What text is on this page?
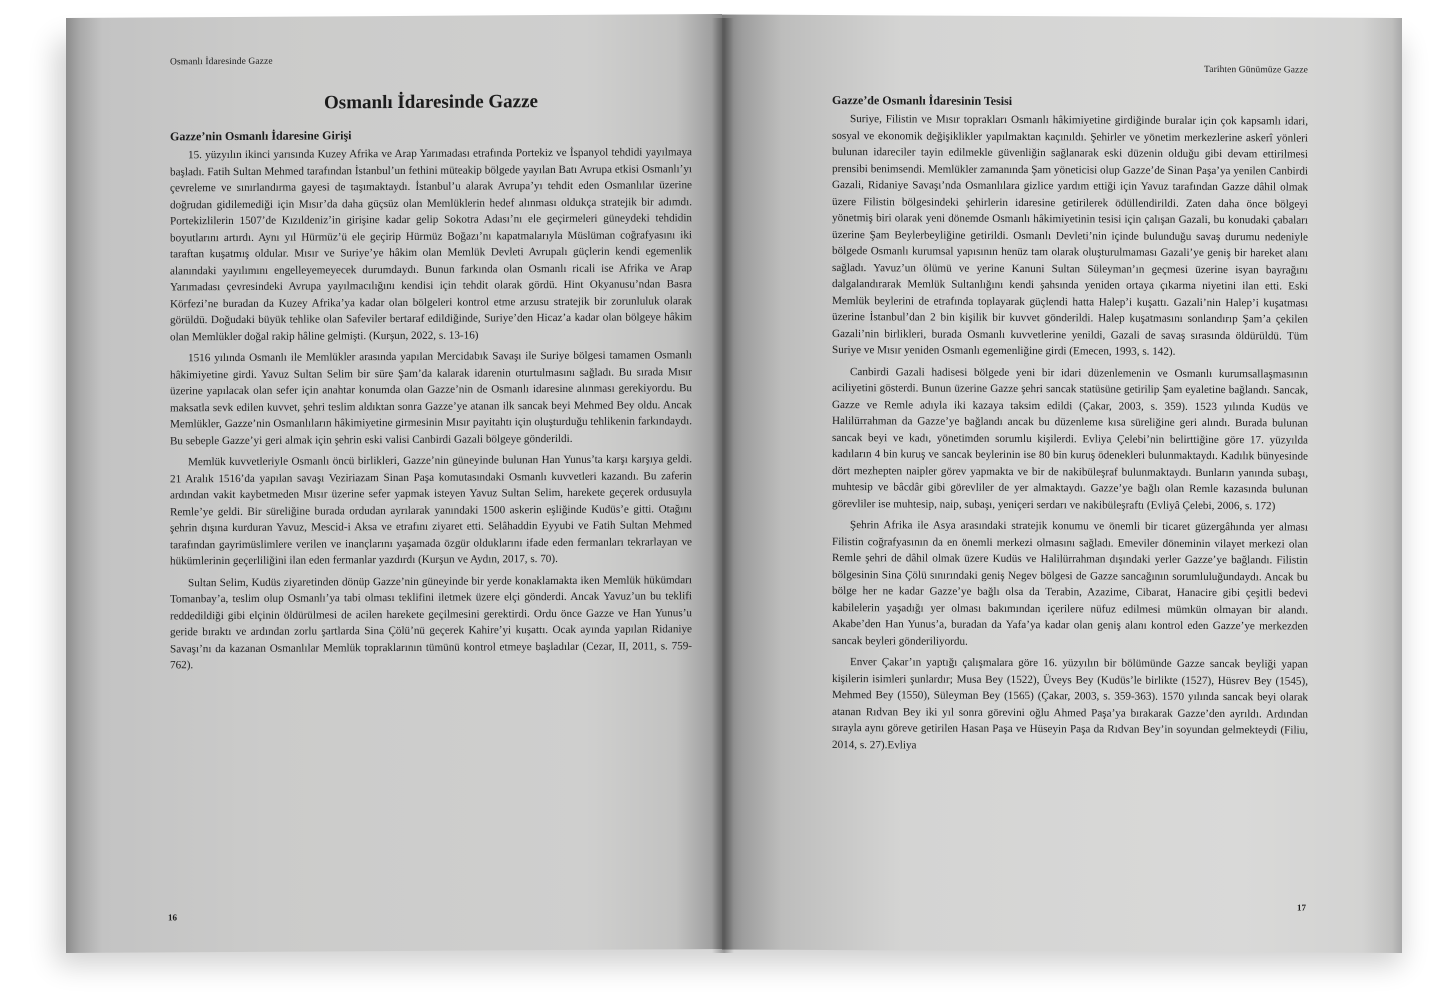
Osmanlı İdaresinde Gazze
Osmanlı İdaresinde Gazze
Gazze’nin Osmanlı İdaresine Girişi

15. yüzyılın ikinci yarısında Kuzey Afrika ve Arap Yarımadası etrafında Portekiz ve İspanyol tehdidi yayılmaya başladı. Fatih Sultan Mehmed tarafından İstanbul’un fethini müteakip bölgede yayılan Batı Avrupa etkisi Osmanlı’yı çevreleme ve sınırlandırma gayesi de taşımaktaydı. İstanbul’u alarak Avrupa’yı tehdit eden Osmanlılar üzerine doğrudan gidilemediği için Mısır’da daha güçsüz olan Memlüklerin hedef alınması oldukça stratejik bir adımdı. Portekizlilerin 1507’de Kızıldeniz’in girişine kadar gelip Sokotra Adası’nı ele geçirmeleri güneydeki tehdidin boyutlarını artırdı. Aynı yıl Hürmüz’ü ele geçirip Hürmüz Boğazı’nı kapatmalarıyla Müslüman coğrafyasını iki taraftan kuşatmış oldular. Mısır ve Suriye’ye hâkim olan Memlük Devleti Avrupalı güçlerin kendi egemenlik alanındaki yayılımını engelleyemeyecek durumdaydı. Bunun farkında olan Osmanlı ricali ise Afrika ve Arap Yarımadası çevresindeki Avrupa yayılmacılığını kendisi için tehdit olarak gördü. Hint Okyanusu’ndan Basra Körfezi’ne buradan da Kuzey Afrika’ya kadar olan bölgeleri kontrol etme arzusu stratejik bir zorunluluk olarak görüldü. Doğudaki büyük tehlike olan Safeviler bertaraf edildiğinde, Suriye’den Hicaz’a kadar olan bölgeye hâkim olan Memlükler doğal rakip hâline gelmişti. (Kurşun, 2022, s. 13-16)

1516 yılında Osmanlı ile Memlükler arasında yapılan Mercidabık Savaşı ile Suriye bölgesi tamamen Osmanlı hâkimiyetine girdi. Yavuz Sultan Selim bir süre Şam’da kalarak idarenin oturtulmasını sağladı. Bu sırada Mısır üzerine yapılacak olan sefer için anahtar konumda olan Gazze’nin de Osmanlı idaresine alınması gerekiyordu. Bu maksatla sevk edilen kuvvet, şehri teslim aldıktan sonra Gazze’ye atanan ilk sancak beyi Mehmed Bey oldu. Ancak Memlükler, Gazze’nin Osmanlıların hâkimiyetine girmesinin Mısır payitahtı için oluşturduğu tehlikenin farkındaydı. Bu sebeple Gazze’yi geri almak için şehrin eski valisi Canbirdi Gazali bölgeye gönderildi.

Memlük kuvvetleriyle Osmanlı öncü birlikleri, Gazze’nin güneyinde bulunan Han Yunus’ta karşı karşıya geldi. 21 Aralık 1516’da yapılan savaşı Veziriazam Sinan Paşa komutasındaki Osmanlı kuvvetleri kazandı. Bu zaferin ardından vakit kaybetmeden Mısır üzerine sefer yapmak isteyen Yavuz Sultan Selim, harekete geçerek ordusuyla Remle’ye geldi. Bir süreliğine burada ordudan ayrılarak yanındaki 1500 askerin eşliğinde Kudüs’e gitti. Otağını şehrin dışına kurduran Yavuz, Mescid-i Aksa ve etrafını ziyaret etti. Selâhaddin Eyyubi ve Fatih Sultan Mehmed tarafından gayrimüslimlere verilen ve inançlarını yaşamada özgür olduklarını ifade eden fermanları tekrarlayan ve hükümlerinin geçerliliğini ilan eden fermanlar yazdırdı (Kurşun ve Aydın, 2017, s. 70).

Sultan Selim, Kudüs ziyaretinden dönüp Gazze’nin güneyinde bir yerde konaklamakta iken Memlük hükümdarı Tomanbay’a, teslim olup Osmanlı’ya tabi olması teklifini iletmek üzere elçi gönderdi. Ancak Yavuz’un bu teklifi reddedildiği gibi elçinin öldürülmesi de acilen harekete geçilmesini gerektirdi. Ordu önce Gazze ve Han Yunus’u geride bıraktı ve ardından zorlu şartlarda Sina Çölü’nü geçerek Kahire’yi kuşattı. Ocak ayında yapılan Ridaniye Savaşı’nı da kazanan Osmanlılar Memlük topraklarının tümünü kontrol etmeye başladılar (Cezar, II, 2011, s. 759-762).

16
Tarihten Günümüze Gazze
Gazze’de Osmanlı İdaresinin Tesisi

Suriye, Filistin ve Mısır toprakları Osmanlı hâkimiyetine girdiğinde buralar için çok kapsamlı idari, sosyal ve ekonomik değişiklikler yapılmaktan kaçınıldı. Şehirler ve yönetim merkezlerine askerî yönleri bulunan idareciler tayin edilmekle güvenliğin sağlanarak eski düzenin olduğu gibi devam ettirilmesi prensibi benimsendi. Memlükler zamanında Şam yöneticisi olup Gazze’de Sinan Paşa’ya yenilen Canbirdi Gazali, Ridaniye Savaşı’nda Osmanlılara gizlice yardım ettiği için Yavuz tarafından Gazze dâhil olmak üzere Filistin bölgesindeki şehirlerin idaresine getirilerek ödüllendirildi. Zaten daha önce bölgeyi yönetmiş biri olarak yeni dönemde Osmanlı hâkimiyetinin tesisi için çalışan Gazali, bu konudaki çabaları üzerine Şam Beylerbeyliğine getirildi. Osmanlı Devleti’nin içinde bulunduğu savaş durumu nedeniyle bölgede Osmanlı kurumsal yapısının henüz tam olarak oluşturulmaması Gazali’ye geniş bir hareket alanı sağladı. Yavuz’un ölümü ve yerine Kanuni Sultan Süleyman’ın geçmesi üzerine isyan bayrağını dalgalandırarak Memlük Sultanlığını kendi şahsında yeniden ortaya çıkarma niyetini ilan etti. Eski Memlük beylerini de etrafında toplayarak güçlendi hatta Halep’i kuşattı. Gazali’nin Halep’i kuşatması üzerine İstanbul’dan 2 bin kişilik bir kuvvet gönderildi. Halep kuşatmasını sonlandırıp Şam’a çekilen Gazali’nin birlikleri, burada Osmanlı kuvvetlerine yenildi, Gazali de savaş sırasında öldürüldü. Tüm Suriye ve Mısır yeniden Osmanlı egemenliğine girdi (Emecen, 1993, s. 142).

Canbirdi Gazali hadisesi bölgede yeni bir idari düzenlemenin ve Osmanlı kurumsallaşmasının aciliyetini gösterdi. Bunun üzerine Gazze şehri sancak statüsüne getirilip Şam eyaletine bağlandı. Sancak, Gazze ve Remle adıyla iki kazaya taksim edildi (Çakar, 2003, s. 359). 1523 yılında Kudüs ve Halilürrahman da Gazze’ye bağlandı ancak bu düzenleme kısa süreliğine geri alındı. Burada bulunan sancak beyi ve kadı, yönetimden sorumlu kişilerdi. Evliya Çelebi’nin belirttiğine göre 17. yüzyılda kadıların 4 bin kuruş ve sancak beylerinin ise 80 bin kuruş ödenekleri bulunmaktaydı. Kadılık bünyesinde dört mezhepten naipler görev yapmakta ve bir de nakibüleşraf bulunmaktaydı. Bunların yanında subaşı, muhtesip ve bâcdâr gibi görevliler de yer almaktaydı. Gazze’ye bağlı olan Remle kazasında bulunan görevliler ise muhtesip, naip, subaşı, yeniçeri serdarı ve nakibüleşraftı (Evliyâ Çelebi, 2006, s. 172)

Şehrin Afrika ile Asya arasındaki stratejik konumu ve önemli bir ticaret güzergâhında yer alması Filistin coğrafyasının da en önemli merkezi olmasını sağladı. Emeviler döneminin vilayet merkezi olan Remle şehri de dâhil olmak üzere Kudüs ve Halilürrahman dışındaki yerler Gazze’ye bağlandı. Filistin bölgesinin Sina Çölü sınırındaki geniş Negev bölgesi de Gazze sancağının sorumluluğundaydı. Ancak bu bölge her ne kadar Gazze’ye bağlı olsa da Terabin, Azazime, Cibarat, Hanacire gibi çeşitli bedevi kabilelerin yaşadığı yer olması bakımından içerilere nüfuz edilmesi mümkün olmayan bir alandı. Akabe’den Han Yunus’a, buradan da Yafa’ya kadar olan geniş alanı kontrol eden Gazze’ye merkezden sancak beyleri gönderiliyordu.

Enver Çakar’ın yaptığı çalışmalara göre 16. yüzyılın bir bölümünde Gazze sancak beyliği yapan kişilerin isimleri şunlardır; Musa Bey (1522), Üveys Bey (Kudüs’le birlikte (1527), Hüsrev Bey (1545), Mehmed Bey (1550), Süleyman Bey (1565) (Çakar, 2003, s. 359-363). 1570 yılında sancak beyi olarak atanan Rıdvan Bey iki yıl sonra görevini oğlu Ahmed Paşa’ya bırakarak Gazze’den ayrıldı. Ardından sırayla aynı göreve getirilen Hasan Paşa ve Hüseyin Paşa da Rıdvan Bey’in soyundan gelmekteydi (Filiu, 2014, s. 27).Evliya

17
